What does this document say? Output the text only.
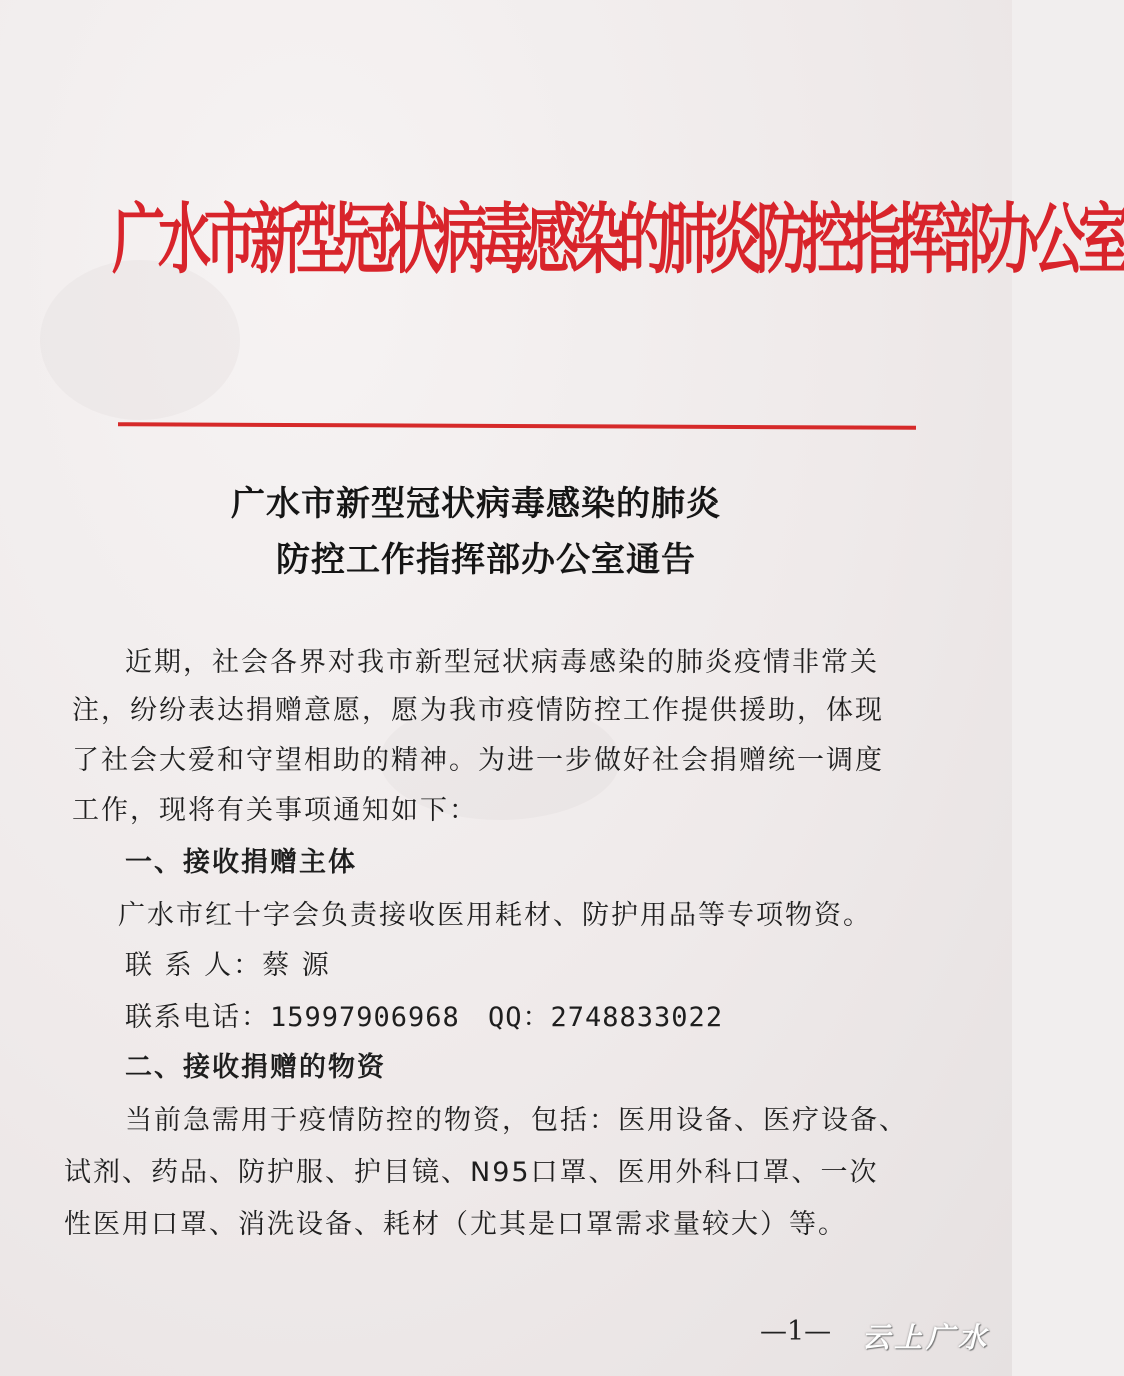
广水市新型冠状病毒感染的肺炎防控指挥部办公室
广水市新型冠状病毒感染的肺炎
防控工作指挥部办公室通告
近期，社会各界对我市新型冠状病毒感染的肺炎疫情非常关
注，纷纷表达捐赠意愿，愿为我市疫情防控工作提供援助，体现
了社会大爱和守望相助的精神。为进一步做好社会捐赠统一调度
工作，现将有关事项通知如下：
一、接收捐赠主体
广水市红十字会负责接收医用耗材、防护用品等专项物资。
联 系 人：蔡 源
联系电话：15997906968 QQ：2748833022
二、接收捐赠的物资
当前急需用于疫情防控的物资，包括：医用设备、医疗设备、
试剂、药品、防护服、护目镜、N95口罩、医用外科口罩、一次
性医用口罩、消洗设备、耗材（尤其是口罩需求量较大）等。
—1— 云上广水
